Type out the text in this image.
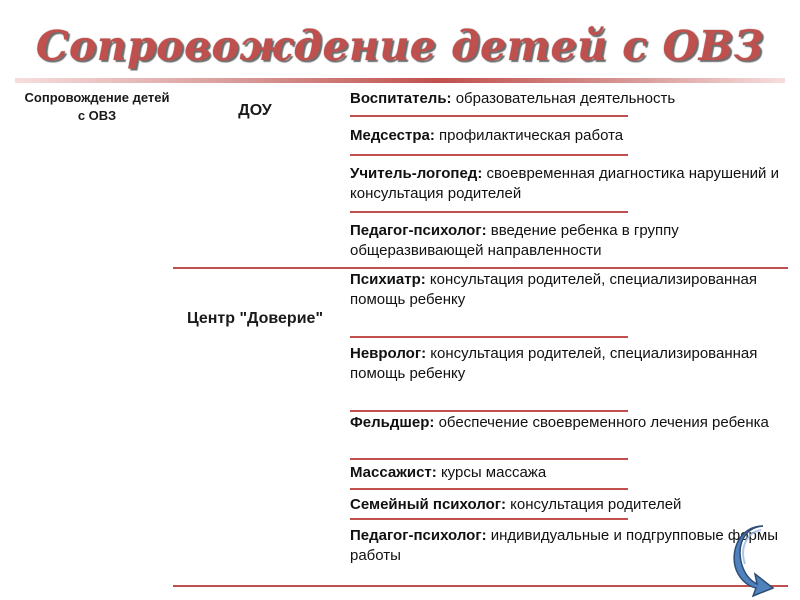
Сопровождение детей с ОВЗ
Сопровождение детей с ОВЗ	ДОУ
Центр "Доверие"
Воспитатель: образовательная деятельность
Медсестра: профилактическая работа
Учитель-логопед: своевременная диагностика нарушений и консультация родителей
Педагог-психолог: введение ребенка в группу общеразвивающей направленности
Психиатр: консультация родителей, специализированная помощь ребенку
Невролог: консультация родителей, специализированная помощь ребенку
Фельдшер: обеспечение своевременного лечения ребенка
Массажист: курсы массажа
Семейный психолог: консультация родителей
Педагог-психолог: индивидуальные и подгрупповые формы работы
